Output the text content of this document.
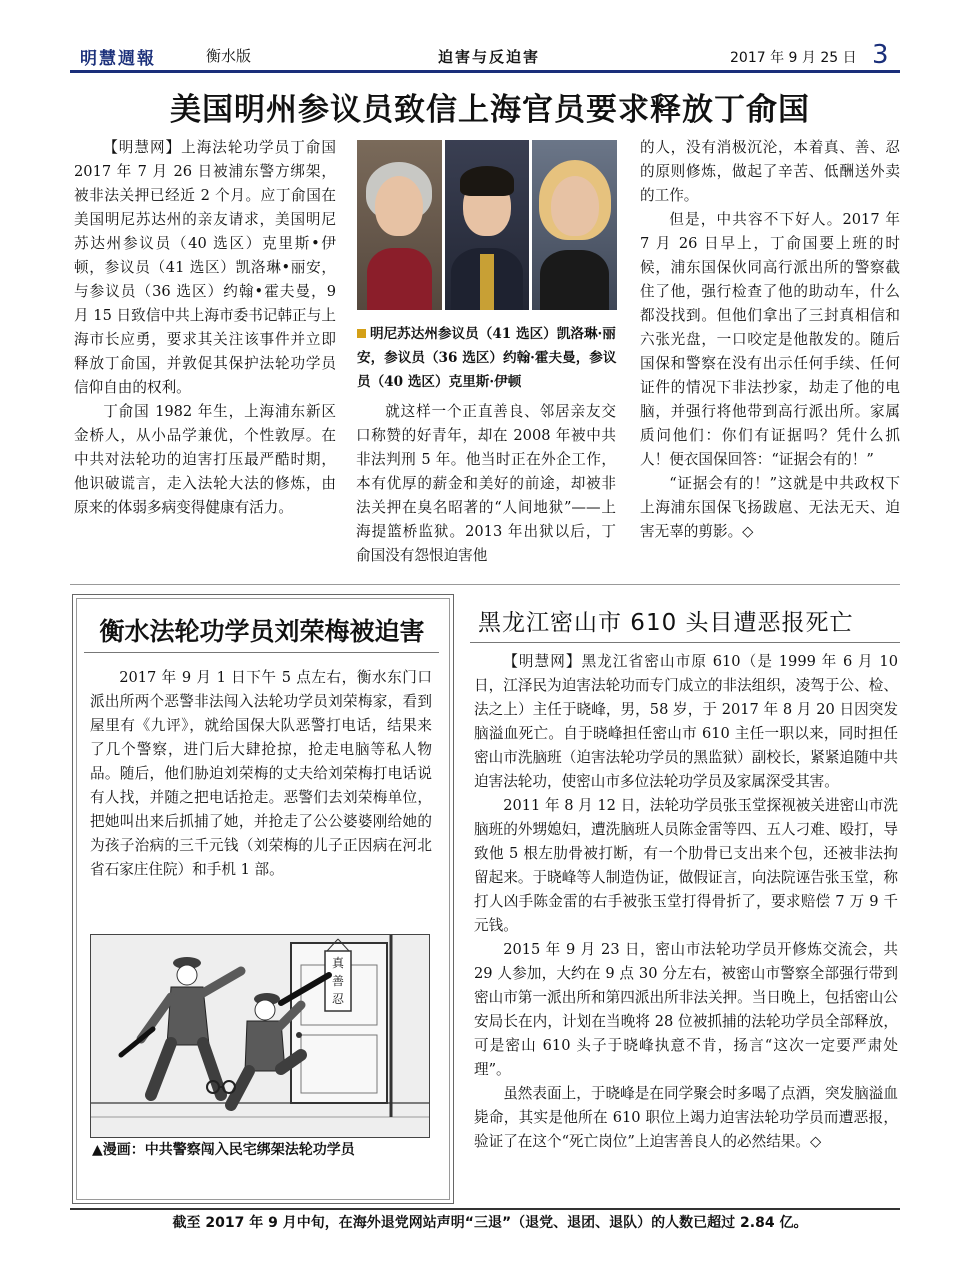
明慧週報	衡水版	迫害与反迫害	2017 年 9 月 25 日 3
美国明州参议员致信上海官员要求释放丁俞国

【明慧网】上海法轮功学员丁俞国 2017 年 7 月 26 日被浦东警方绑架，被非法关押已经近 2 个月。应丁俞国在美国明尼苏达州的亲友请求，美国明尼苏达州参议员（40 选区）克里斯•伊顿，参议员（41 选区）凯洛琳•丽安，与参议员（36 选区）约翰•霍夫曼，9 月 15 日致信中共上海市委书记韩正与上海市长应勇，要求其关注该事件并立即释放丁俞国，并敦促其保护法轮功学员信仰自由的权利。

丁俞国 1982 年生，上海浦东新区金桥人，从小品学兼优，个性敦厚。在中共对法轮功的迫害打压最严酷时期，他识破谎言，走入法轮大法的修炼，由原来的体弱多病变得健康有活力。

明尼苏达州参议员（41 选区）凯洛琳·丽安，参议员（36 选区）约翰·霍夫曼，参议员（40 选区）克里斯·伊顿

就这样一个正直善良、邻居亲友交口称赞的好青年，却在 2008 年被中共非法判刑 5 年。他当时正在外企工作，本有优厚的薪金和美好的前途，却被非法关押在臭名昭著的“人间地狱”——上海提篮桥监狱。2013 年出狱以后，丁俞国没有怨恨迫害他

的人，没有消极沉沦，本着真、善、忍的原则修炼，做起了辛苦、低酬送外卖的工作。

但是，中共容不下好人。2017 年 7 月 26 日早上，丁俞国要上班的时候，浦东国保伙同高行派出所的警察截住了他，强行检查了他的助动车，什么都没找到。但他们拿出了三封真相信和六张光盘，一口咬定是他散发的。随后国保和警察在没有出示任何手续、任何证件的情况下非法抄家，劫走了他的电脑，并强行将他带到高行派出所。家属质问他们：你们有证据吗？凭什么抓人！便衣国保回答：“证据会有的！”

“证据会有的！”这就是中共政权下上海浦东国保飞扬跋扈、无法无天、迫害无辜的剪影。◇

衡水法轮功学员刘荣梅被迫害

2017 年 9 月 1 日下午 5 点左右，衡水东门口派出所两个恶警非法闯入法轮功学员刘荣梅家，看到屋里有《九评》，就给国保大队恶警打电话，结果来了几个警察，进门后大肆抢掠，抢走电脑等私人物品。随后，他们胁迫刘荣梅的丈夫给刘荣梅打电话说有人找，并随之把电话抢走。恶警们去刘荣梅单位，把她叫出来后抓捕了她，并抢走了公公婆婆刚给她的为孩子治病的三千元钱（刘荣梅的儿子正因病在河北省石家庄住院）和手机 1 部。

真
善
忍
▲漫画：中共警察闯入民宅绑架法轮功学员
黑龙江密山市 610 头目遭恶报死亡

【明慧网】黑龙江省密山市原 610（是 1999 年 6 月 10 日，江泽民为迫害法轮功而专门成立的非法组织，凌驾于公、检、法之上）主任于晓峰，男，58 岁，于 2017 年 8 月 20 日因突发脑溢血死亡。自于晓峰担任密山市 610 主任一职以来，同时担任密山市洗脑班（迫害法轮功学员的黑监狱）副校长，紧紧追随中共迫害法轮功，使密山市多位法轮功学员及家属深受其害。

2011 年 8 月 12 日，法轮功学员张玉堂探视被关进密山市洗脑班的外甥媳妇，遭洗脑班人员陈金雷等四、五人刁难、殴打，导致他 5 根左肋骨被打断，有一个肋骨已支出来个包，还被非法拘留起来。于晓峰等人制造伪证，做假证言，向法院诬告张玉堂，称打人凶手陈金雷的右手被张玉堂打得骨折了，要求赔偿 7 万 9 千元钱。

2015 年 9 月 23 日，密山市法轮功学员开修炼交流会，共 29 人参加，大约在 9 点 30 分左右，被密山市警察全部强行带到密山市第一派出所和第四派出所非法关押。当日晚上，包括密山公安局长在内，计划在当晚将 28 位被抓捕的法轮功学员全部释放，可是密山 610 头子于晓峰执意不肯，扬言“这次一定要严肃处理”。

虽然表面上，于晓峰是在同学聚会时多喝了点酒，突发脑溢血毙命，其实是他所在 610 职位上竭力迫害法轮功学员而遭恶报，验证了在这个“死亡岗位”上迫害善良人的必然结果。◇

截至 2017 年 9 月中旬，在海外退党网站声明“三退”（退党、退团、退队）的人数已超过 2.84 亿。
